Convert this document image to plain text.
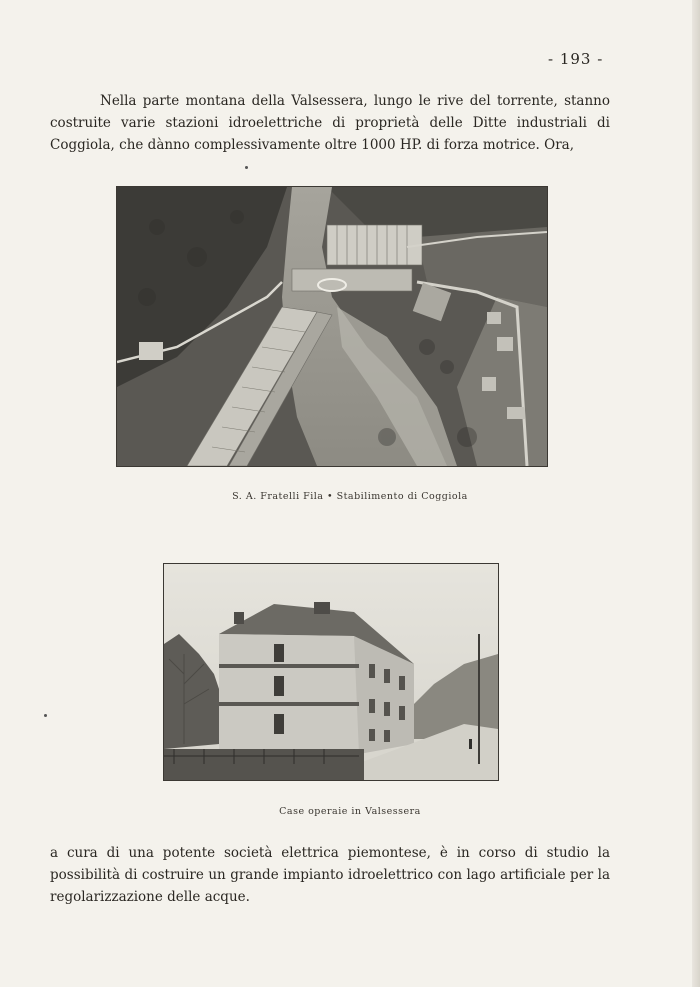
- 193 -

Nella parte montana della Valsessera, lungo le rive del torrente, stanno costruite varie stazioni idroelettriche di proprietà delle Ditte industriali di Coggiola, che dànno complessivamente oltre 1000 HP. di forza motrice. Ora,

S. A. Fratelli Fila • Stabilimento di Coggiola
Case operaie in Valsessera

a cura di una potente società elettrica piemontese, è in corso di studio la possibilità di costruire un grande impianto idroelettrico con lago artificiale per la regolarizzazione delle acque.
